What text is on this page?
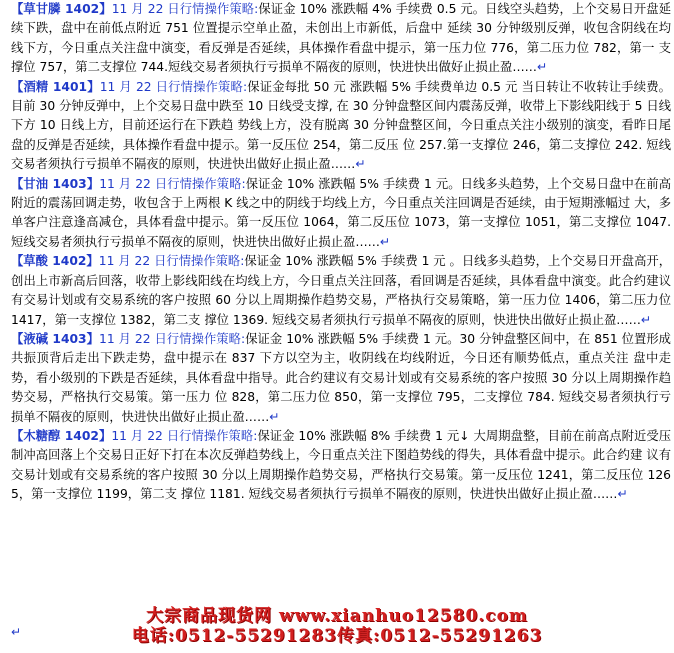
【草甘膦 1402】11 月 22 日行情操作策略:保证金 10% 涨跌幅 4% 手续费 0.5 元。日线空头趋势，上个交易日开盘延续下跌，盘中在前低点附近 751 位置提示空单止盈，未创出上市新低，后盘中 延续 30 分钟级别反弹，收包含阴线在均线下方，今日重点关注盘中演变，看反弹是否延续，具体操作看盘中提示，第一压力位 776，第二压力位 782，第一 支撑位 757，第二支撑位 744.短线交易者须执行亏损单不隔夜的原则，快进快出做好止损止盈……↵

【酒精 1401】11 月 22 日行情操作策略:保证金每批 50 元 涨跌幅 5% 手续费单边 0.5 元 当日转让不收转让手续费。目前 30 分钟反弹中，上个交易日盘中跌至 10 日线受支撑, 在 30 分钟盘整区间内震荡反弹，收带上下影线阳线于 5 日线下方 10 日线上方，目前还运行在下跌趋 势线上方，没有脱离 30 分钟盘整区间，今日重点关注小级别的演变，看昨日尾盘的反弹是否延续，具体操作看盘中提示。第一反压位 254，第二反压 位 257.第一支撑位 246，第二支撑位 242. 短线交易者须执行亏损单不隔夜的原则，快进快出做好止损止盈……↵

【甘油 1403】11 月 22 日行情操作策略:保证金 10% 涨跌幅 5% 手续费 1 元。日线多头趋势，上个交易日盘中在前高附近的震荡回调走势，收包含于上两根 K 线之中的阴线于均线上方，今日重点关注回调是否延续，由于短期涨幅过 大，多单客户注意逢高减仓，具体看盘中提示。第一反压位 1064，第二反压位 1073，第一支撑位 1051，第二支撑位 1047. 短线交易者须执行亏损单不隔夜的原则，快进快出做好止损止盈……↵

【草酸 1402】11 月 22 日行情操作策略:保证金 10% 涨跌幅 5% 手续费 1 元 。日线多头趋势，上个交易日开盘高开，创出上市新高后回落，收带上影线阳线在均线上方，今日重点关注回落，看回调是否延续，具体看盘中演变。此合约建议 有交易计划或有交易系统的客户按照 60 分以上周期操作趋势交易，严格执行交易策略，第一压力位 1406，第二压力位 1417，第一支撑位 1382，第二支 撑位 1369. 短线交易者须执行亏损单不隔夜的原则，快进快出做好止损止盈……↵

【液碱 1403】11 月 22 日行情操作策略:保证金 10% 涨跌幅 5% 手续费 1 元。30 分钟盘整区间中，在 851 位置形成共振顶背后走出下跌走势，盘中提示在 837 下方以空为主，收阴线在均线附近，今日还有顺势低点，重点关注 盘中走势，看小级别的下跌是否延续，具体看盘中指导。此合约建议有交易计划或有交易系统的客户按照 30 分以上周期操作趋势交易，严格执行交易策。第一压力 位 828，第二压力位 850，第一支撑位 795，二支撑位 784. 短线交易者须执行亏损单不隔夜的原则，快进快出做好止损止盈……↵

【木糖醇 1402】11 月 22 日行情操作策略:保证金 10% 涨跌幅 8% 手续费 1 元↓ 大周期盘整，目前在前高点附近受压制冲高回落上个交易日正好下打在本次反弹趋势线上，今日重点关注下图趋势线的得失，具体看盘中提示。此合约建 议有交易计划或有交易系统的客户按照 30 分以上周期操作趋势交易，严格执行交易策。第一反压位 1241，第二反压位 1265，第一支撑位 1199，第二支 撑位 1181. 短线交易者须执行亏损单不隔夜的原则，快进快出做好止损止盈……↵

↵
大宗商品现货网 www.xianhuo12580.com
电话:0512-55291283传真:0512-55291263
